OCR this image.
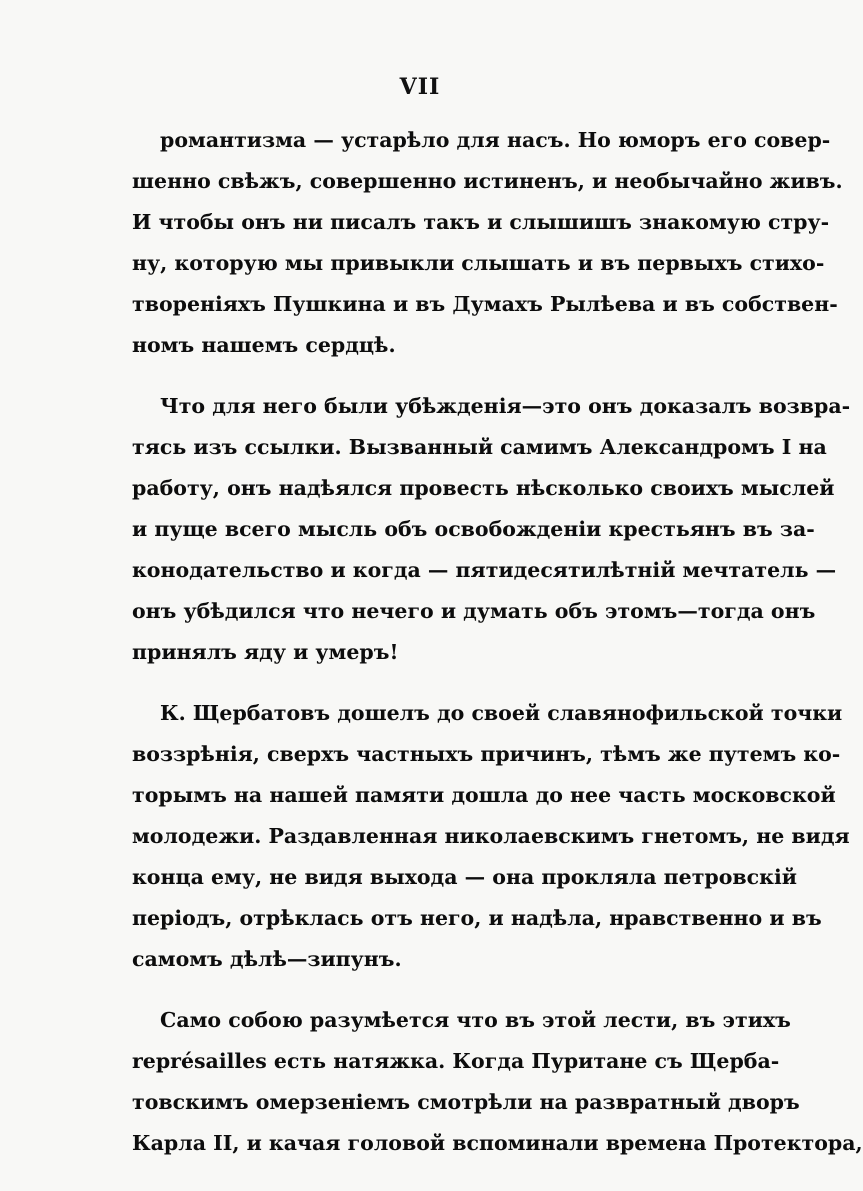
VII
романтизма — устарѣло для насъ. Но юморъ его совер-
шенно свѣжъ, совершенно истиненъ, и необычайно живъ.
И чтобы онъ ни писалъ такъ и слышишъ знакомую стру-
ну, которую мы привыкли слышать и въ первыхъ стихо-
твореніяхъ Пушкина и въ Думахъ Рылѣева и въ собствен-
номъ нашемъ сердцѣ.
Что для него были убѣжденія—это онъ доказалъ возвра-
тясь изъ ссылки. Вызванный самимъ Александромъ I на
работу, онъ надѣялся провесть нѣсколько своихъ мыслей
и пуще всего мысль объ освобожденіи крестьянъ въ за-
конодательство и когда — пятидесятилѣтній мечтатель —
онъ убѣдился что нечего и думать объ этомъ—тогда онъ
принялъ яду и умеръ!
К. Щербатовъ дошелъ до своей славянофильской точки
воззрѣнія, сверхъ частныхъ причинъ, тѣмъ же путемъ ко-
торымъ на нашей памяти дошла до нее часть московской
молодежи. Раздавленная николаевскимъ гнетомъ, не видя
конца ему, не видя выхода — она прокляла петровскій
періодъ, отрѣклась отъ него, и надѣла, нравственно и въ
самомъ дѣлѣ—зипунъ.
Само собою разумѣется что въ этой лести, въ этихъ
représailles есть натяжка. Когда Пуритане съ Щерба-
товскимъ омерзеніемъ смотрѣли на развратный дворъ
Карла II, и качая головой вспоминали времена Протектора,
